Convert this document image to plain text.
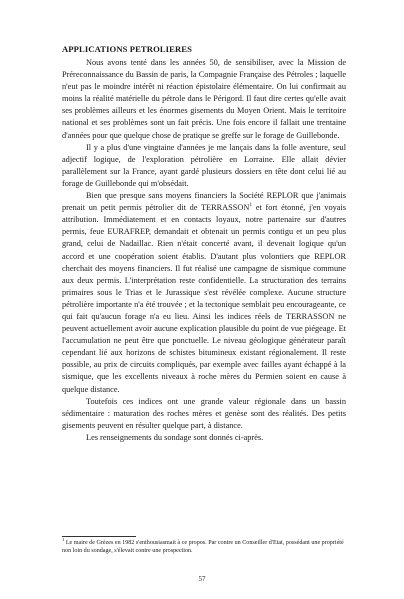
APPLICATIONS PETROLIERES

Nous avons tenté dans les années 50, de sensibiliser, avec la Mission de Préreconnaissance du Bassin de paris, la Compagnie Française des Pétroles ; laquelle n'eut pas le moindre intérêt ni réaction épistolaire élémentaire. On lui confirmait au moins la réalité matérielle du pétrole dans le Périgord. Il faut dire certes qu'elle avait ses problèmes ailleurs et les énormes gisements du Moyen Orient. Mais le territoire national et ses problèmes sont un fait précis. Une fois encore il fallait une trentaine d'années pour que quelque chose de pratique se greffe sur le forage de Guillebonde.

Il y a plus d'une vingtaine d'années je me lançais dans la folle aventure, seul adjectif logique, de l'exploration pétrolière en Lorraine. Elle allait dévier parallèlement sur la France, ayant gardé plusieurs dossiers en tête dont celui lié au forage de Guillebonde qui m'obsédait.

Bien que presque sans moyens financiers la Société REPLOR que j'animais prenait un petit permis pétrolier dit de TERRASSON$^1$ et fort étonné, j'en voyais attribution. Immédiatement et en contacts loyaux, notre partenaire sur d'autres permis, feue EURAFREP, demandait et obtenait un permis contigu et un peu plus grand, celui de Nadaillac. Rien n'était concerté avant, il devenait logique qu'un accord et une coopération soient établis. D'autant plus volontiers que REPLOR cherchait des moyens financiers. Il fut réalisé une campagne de sismique commune aux deux permis. L'interprétation reste confidentielle. La structuration des terrains primaires sous le Trias et le Jurassique s'est révélée complexe. Aucune structure pétrolière importante n'a été trouvée ; et la tectonique semblait peu encourageante, ce qui fait qu'aucun forage n'a eu lieu. Ainsi les indices réels de TERRASSON ne peuvent actuellement avoir aucune explication plausible du point de vue piégeage. Et l'accumulation ne peut être que ponctuelle. Le niveau géologique générateur paraît cependant lié aux horizons de schistes bitumineux existant régionalement. Il reste possible, au prix de circuits compliqués, par exemple avec failles ayant échappé à la sismique, que les excellents niveaux à roche mères du Permien soient en cause à quelque distance.

Toutefois ces indices ont une grande valeur régionale dans un bassin sédimentaire : maturation des roches mères et genèse sont des réalités. Des petits gisements peuvent en résulter quelque part, à distance.

Les renseignements du sondage sont donnés ci-après.

$^1$ Le maire de Grèzes en 1982 s'enthousiasmait à ce propos. Par contre un Conseiller d'Etat, possédant une propriété non loin du sondage, s'élevait contre une prospection.
57
